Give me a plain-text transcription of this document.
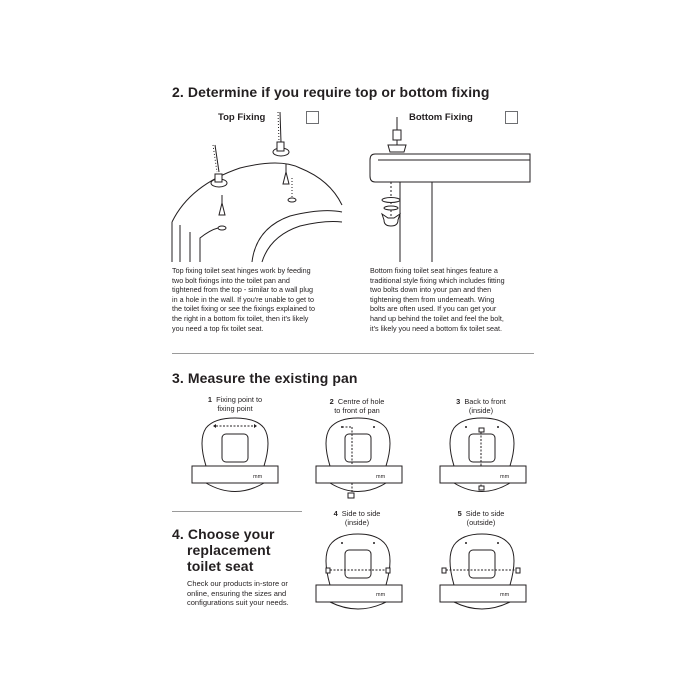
2. Determine if you require top or bottom fixing
Top Fixing	Bottom Fixing
Top fixing toilet seat hinges work by feeding
two bolt fixings into the toilet pan and
tightened from the top - similar to a wall plug
in a hole in the wall. If you're unable to get to
the toilet fixing or see the fixings explained to
the right in a bottom fix toilet, then it's likely
you need a top fix toilet seat.
Bottom fixing toilet seat hinges feature a
traditional style fixing which includes fitting
two bolts down into your pan and then
tightening them from underneath. Wing
bolts are often used. If you can get your
hand up behind the toilet and feel the bolt,
it's likely you need a bottom fix toilet seat.
3. Measure the existing pan
1 Fixing point to
fixing point
2 Centre of hole
to front of pan
3 Back to front
(inside)
mm	mm	mm
4 Side to side
(inside)
5 Side to side
(outside)
mm	mm
4. Choose your
replacement
toilet seat
Check our products in-store or
online, ensuring the sizes and
configurations suit your needs.
